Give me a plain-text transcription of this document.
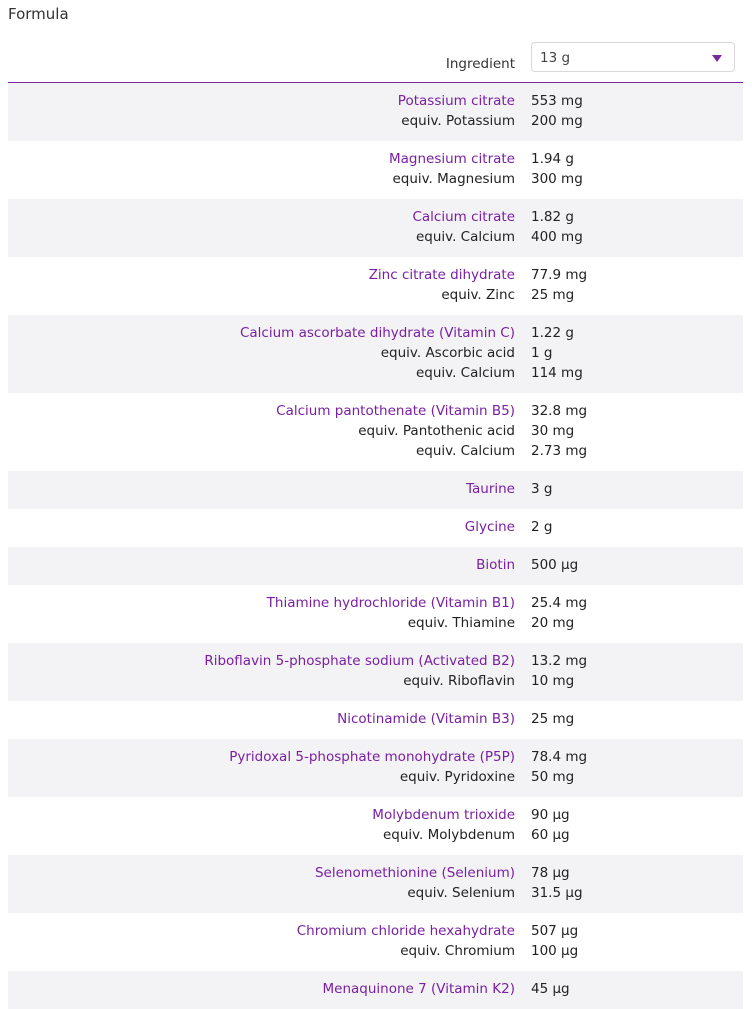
Formula
Ingredient 13 g
Potassium citrate	553 mg
equiv. Potassium	200 mg
Magnesium citrate	1.94 g
equiv. Magnesium	300 mg
Calcium citrate	1.82 g
equiv. Calcium	400 mg
Zinc citrate dihydrate	77.9 mg
equiv. Zinc	25 mg
Calcium ascorbate dihydrate (Vitamin C)	1.22 g
equiv. Ascorbic acid	1 g
equiv. Calcium	114 mg
Calcium pantothenate (Vitamin B5)	32.8 mg
equiv. Pantothenic acid	30 mg
equiv. Calcium	2.73 mg
Taurine	3 g
Glycine	2 g
Biotin	500 µg
Thiamine hydrochloride (Vitamin B1)	25.4 mg
equiv. Thiamine	20 mg
Riboflavin 5-phosphate sodium (Activated B2)	13.2 mg
equiv. Riboflavin	10 mg
Nicotinamide (Vitamin B3)	25 mg
Pyridoxal 5-phosphate monohydrate (P5P)	78.4 mg
equiv. Pyridoxine	50 mg
Molybdenum trioxide	90 µg
equiv. Molybdenum	60 µg
Selenomethionine (Selenium)	78 µg
equiv. Selenium	31.5 µg
Chromium chloride hexahydrate	507 µg
equiv. Chromium	100 µg
Menaquinone 7 (Vitamin K2)	45 µg
